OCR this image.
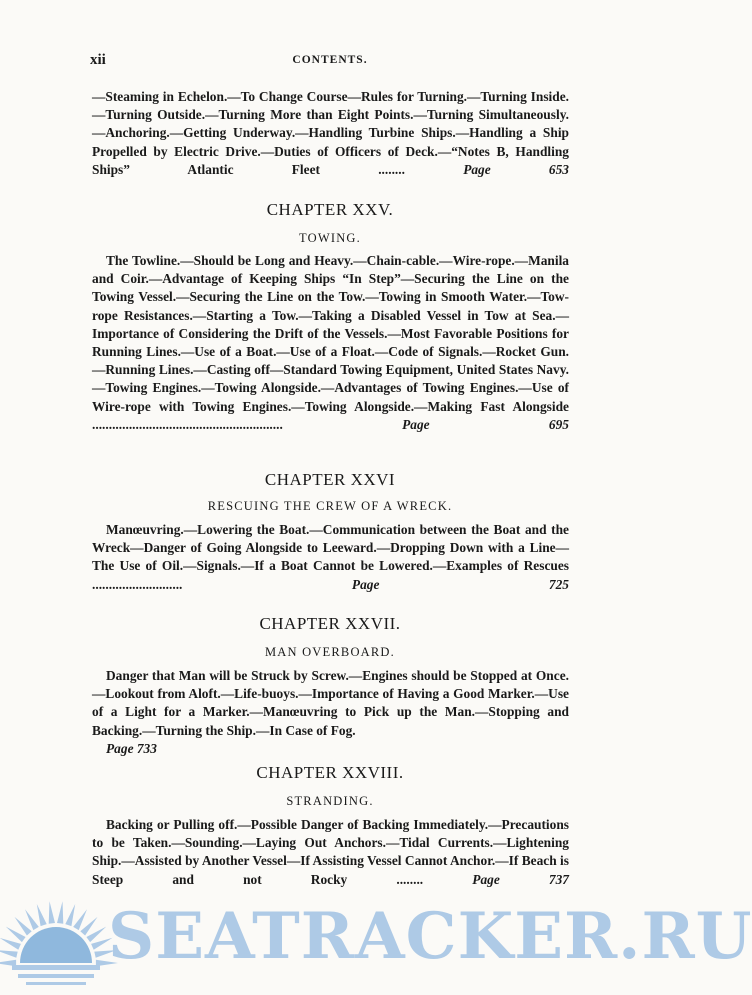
xii	CONTENTS.

—Steaming in Echelon.—To Change Course—Rules for Turning.—Turning Inside.—Turning Outside.—Turning More than Eight Points.—Turning Simultaneously.—Anchoring.—Getting Underway.—Handling Turbine Ships.—Handling a Ship Propelled by Electric Drive.—Duties of Officers of Deck.—“Notes B, Handling Ships” Atlantic Fleet ........	Page 653

CHAPTER XXV.
TOWING.

The Towline.—Should be Long and Heavy.—Chain-cable.—Wire-rope.—Manila and Coir.—Advantage of Keeping Ships “In Step”—Securing the Line on the Towing Vessel.—Securing the Line on the Tow.—Towing in Smooth Water.—Tow-rope Resistances.—Starting a Tow.—Taking a Disabled Vessel in Tow at Sea.—Importance of Considering the Drift of the Vessels.—Most Favorable Positions for Running Lines.—Use of a Boat.—Use of a Float.—Code of Signals.—Rocket Gun.—Running Lines.—Casting off—Standard Towing Equipment, United States Navy.—Towing Engines.—Towing Alongside.—Advantages of Towing Engines.—Use of Wire-rope with Towing Engines.—Towing Alongside.—Making Fast Alongside .........................................................	Page 695

CHAPTER XXVI
RESCUING THE CREW OF A WRECK.

Manœuvring.—Lowering the Boat.—Communication between the Boat and the Wreck—Danger of Going Alongside to Leeward.—Dropping Down with a Line—The Use of Oil.—Signals.—If a Boat Cannot be Lowered.—Examples of Rescues ...........................	Page 725

CHAPTER XXVII.
MAN OVERBOARD.

Danger that Man will be Struck by Screw.—Engines should be Stopped at Once.—Lookout from Aloft.—Life-buoys.—Importance of Having a Good Marker.—Use of a Light for a Marker.—Manœuvring to Pick up the Man.—Stopping and Backing.—Turning the Ship.—In Case of Fog.
Page 733

CHAPTER XXVIII.
STRANDING.

Backing or Pulling off.—Possible Danger of Backing Immediately.—Precautions to be Taken.—Sounding.—Laying Out Anchors.—Tidal Currents.—Lightening Ship.—Assisted by Another Vessel—If Assisting Vessel Cannot Anchor.—If Beach is Steep and not Rocky ........	Page 737

SEATRACKER.RU
